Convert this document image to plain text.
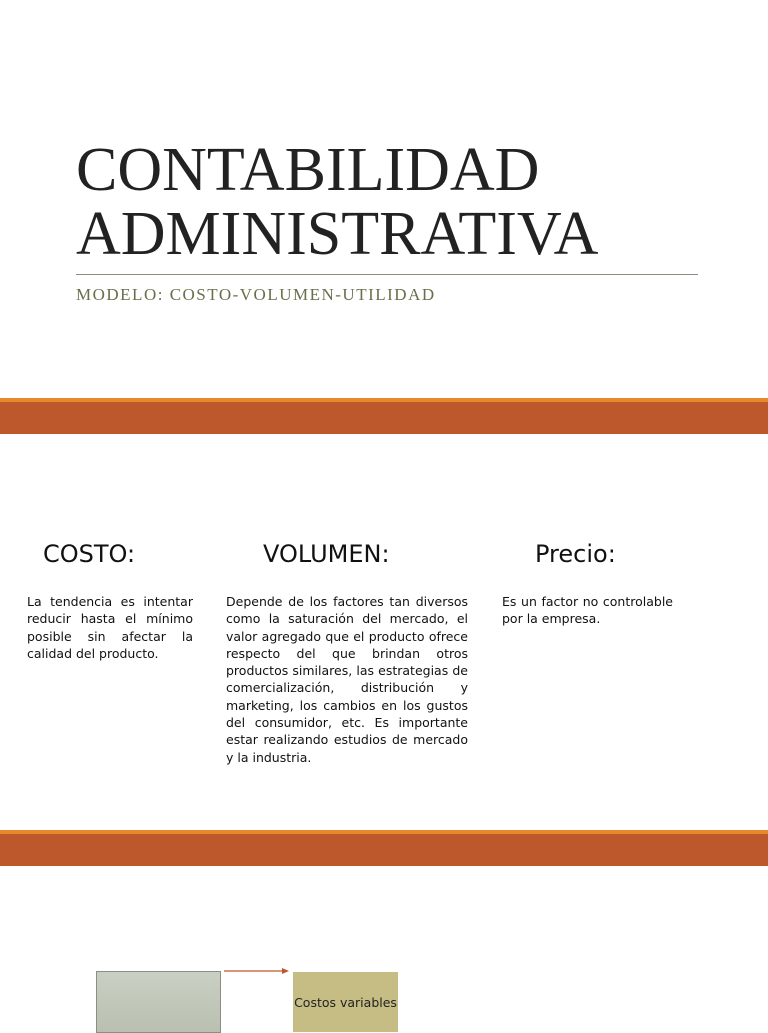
CONTABILIDAD
ADMINISTRATIVA
MODELO: COSTO-VOLUMEN-UTILIDAD
COSTO:	VOLUMEN:	Precio:
La tendencia es intentar reducir hasta el mínimo posible sin afectar la calidad del producto.
Depende de los factores tan diversos como la saturación del mercado, el valor agregado que el producto ofrece respecto del que brindan otros productos similares, las estrategias de comercialización, distribución y marketing, los cambios en los gustos del consumidor, etc. Es importante estar realizando estudios de mercado y la industria.
Es un factor no controlable por la empresa.
Costos variables
